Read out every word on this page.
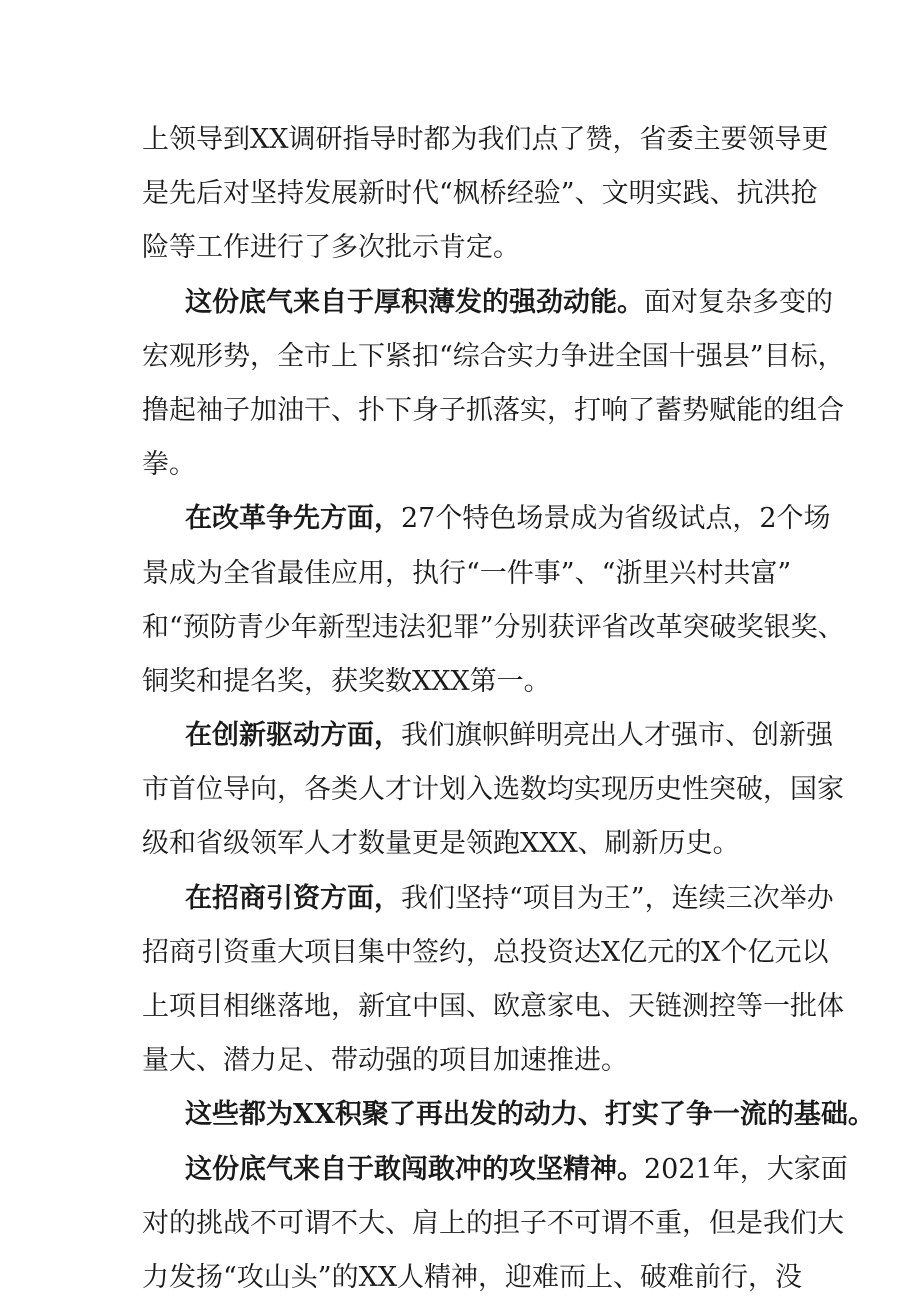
上领导到XX调研指导时都为我们点了赞，省委主要领导更
是先后对坚持发展新时代“枫桥经验”、文明实践、抗洪抢
险等工作进行了多次批示肯定。
这份底气来自于厚积薄发的强劲动能。面对复杂多变的
宏观形势，全市上下紧扣“综合实力争进全国十强县”目标，
撸起袖子加油干、扑下身子抓落实，打响了蓄势赋能的组合
拳。
在改革争先方面，27个特色场景成为省级试点，2个场
景成为全省最佳应用，执行“一件事”、“浙里兴村共富”
和“预防青少年新型违法犯罪”分别获评省改革突破奖银奖、
铜奖和提名奖，获奖数XXX第一。
在创新驱动方面，我们旗帜鲜明亮出人才强市、创新强
市首位导向，各类人才计划入选数均实现历史性突破，国家
级和省级领军人才数量更是领跑XXX、刷新历史。
在招商引资方面，我们坚持“项目为王”，连续三次举办
招商引资重大项目集中签约，总投资达X亿元的X个亿元以
上项目相继落地，新宜中国、欧意家电、天链测控等一批体
量大、潜力足、带动强的项目加速推进。
这些都为XX积聚了再出发的动力、打实了争一流的基础。
这份底气来自于敢闯敢冲的攻坚精神。2021年，大家面
对的挑战不可谓不大、肩上的担子不可谓不重，但是我们大
力发扬“攻山头”的XX人精神，迎难而上、破难前行，没
